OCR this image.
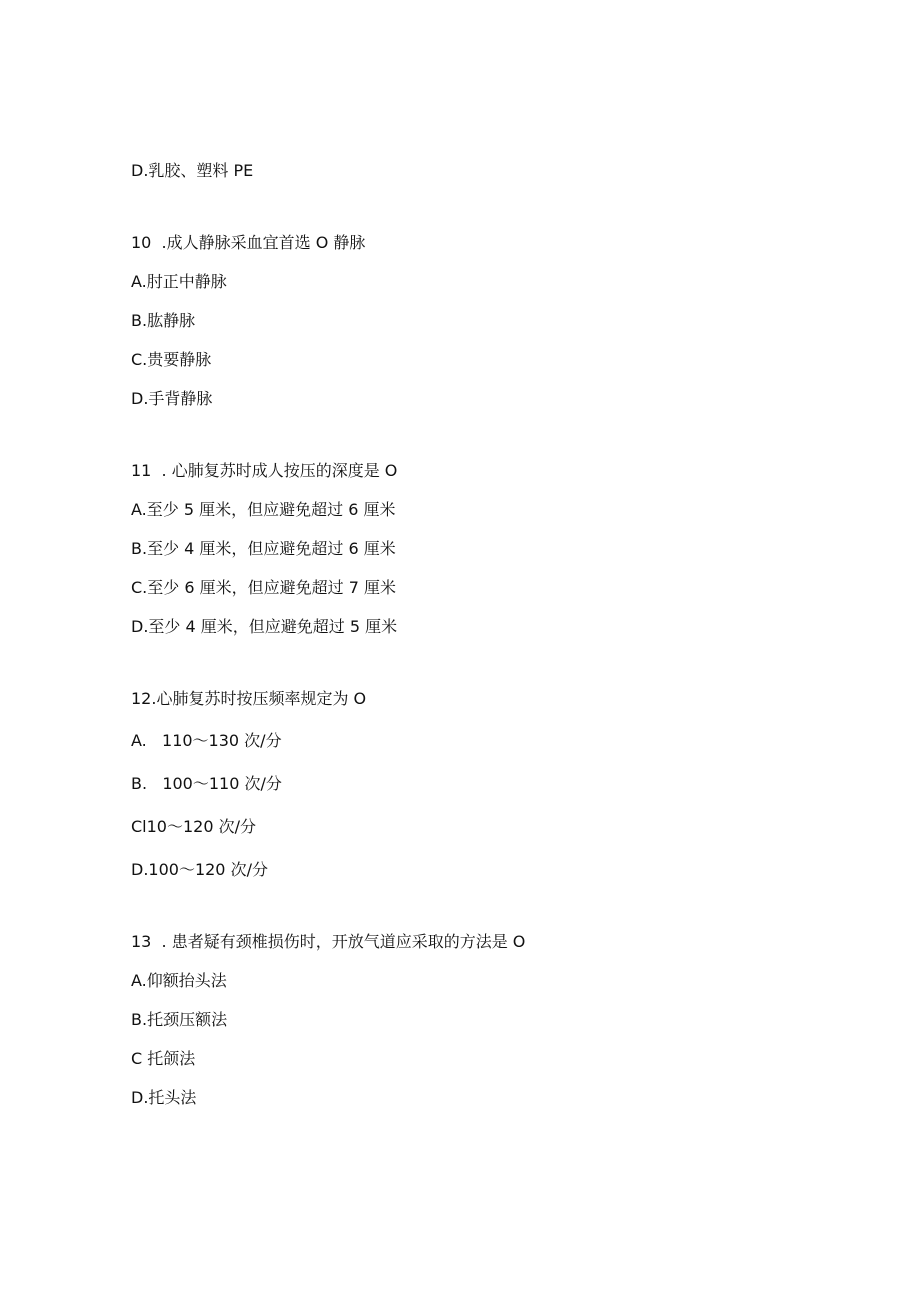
D.乳胶、塑料 PE
10  .成人静脉采血宜首选 O 静脉
A.肘正中静脉
B.肱静脉
C.贵要静脉
D.手背静脉
11  . 心肺复苏时成人按压的深度是 O
A.至少 5 厘米，但应避免超过 6 厘米
B.至少 4 厘米，但应避免超过 6 厘米
C.至少 6 厘米，但应避免超过 7 厘米
D.至少 4 厘米，但应避免超过 5 厘米
12.心肺复苏时按压频率规定为 O
A.   110～130 次/分
B.   100～110 次/分
Cl10～120 次/分
D.100～120 次/分
13  . 患者疑有颈椎损伤时，开放气道应采取的方法是 O
A.仰额抬头法
B.托颈压额法
C 托颌法
D.托头法
